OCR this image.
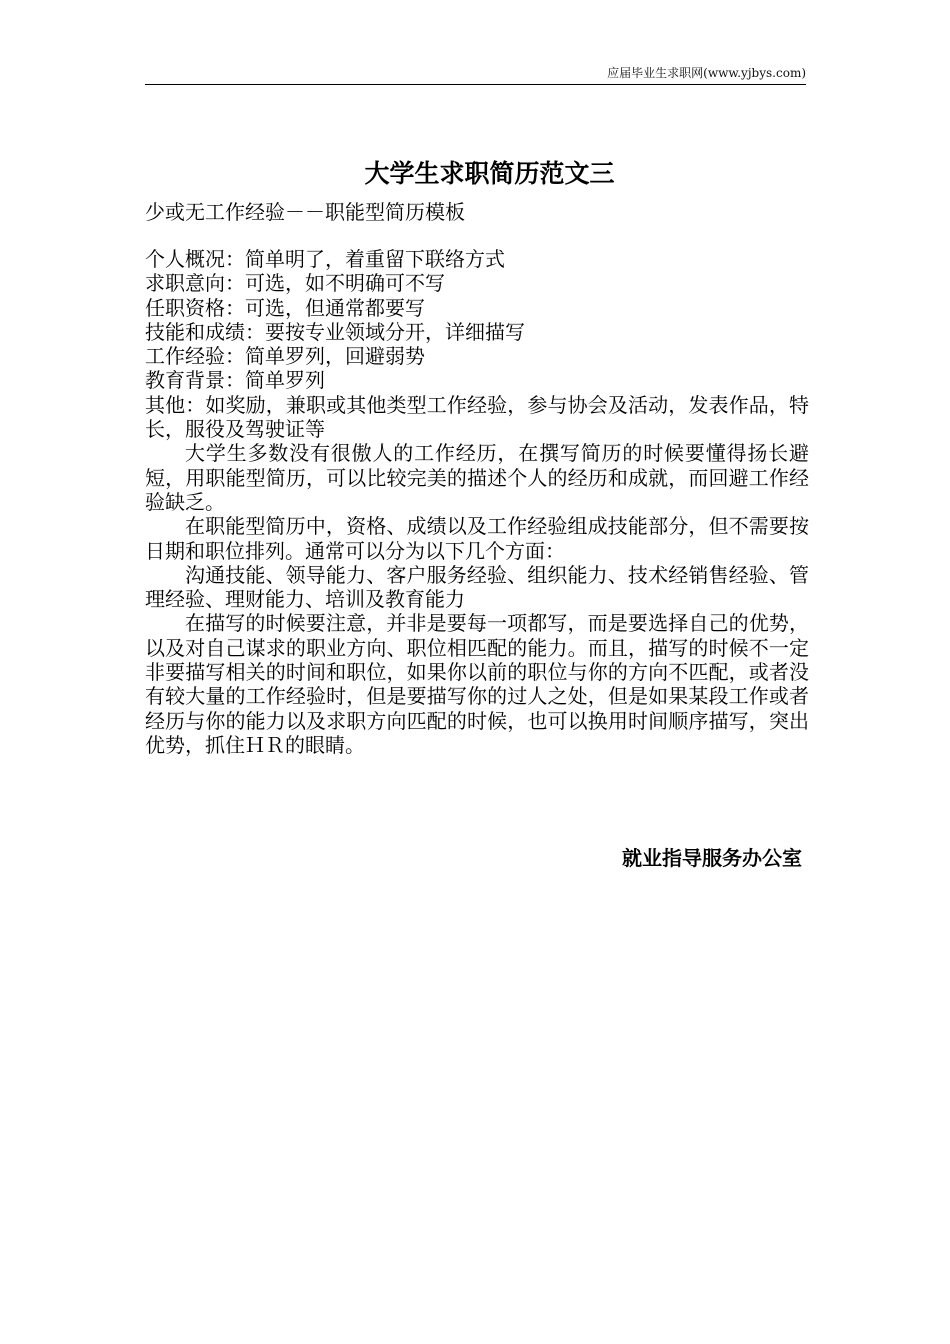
应届毕业生求职网(www.yjbys.com)
大学生求职简历范文三
少或无工作经验－－职能型简历模板
个人概况：简单明了，着重留下联络方式
求职意向：可选，如不明确可不写
任职资格：可选，但通常都要写
技能和成绩：要按专业领域分开，详细描写
工作经验：简单罗列，回避弱势
教育背景：简单罗列
其他：如奖励，兼职或其他类型工作经验，参与协会及活动，发表作品，特长，服役及驾驶证等
大学生多数没有很傲人的工作经历，在撰写简历的时候要懂得扬长避短，用职能型简历，可以比较完美的描述个人的经历和成就，而回避工作经验缺乏。
在职能型简历中，资格、成绩以及工作经验组成技能部分，但不需要按日期和职位排列。通常可以分为以下几个方面：
沟通技能、领导能力、客户服务经验、组织能力、技术经销售经验、管理经验、理财能力、培训及教育能力
在描写的时候要注意，并非是要每一项都写，而是要选择自己的优势，以及对自己谋求的职业方向、职位相匹配的能力。而且，描写的时候不一定非要描写相关的时间和职位，如果你以前的职位与你的方向不匹配，或者没有较大量的工作经验时，但是要描写你的过人之处，但是如果某段工作或者经历与你的能力以及求职方向匹配的时候，也可以换用时间顺序描写，突出优势，抓住ＨＲ的眼睛。
就业指导服务办公室
